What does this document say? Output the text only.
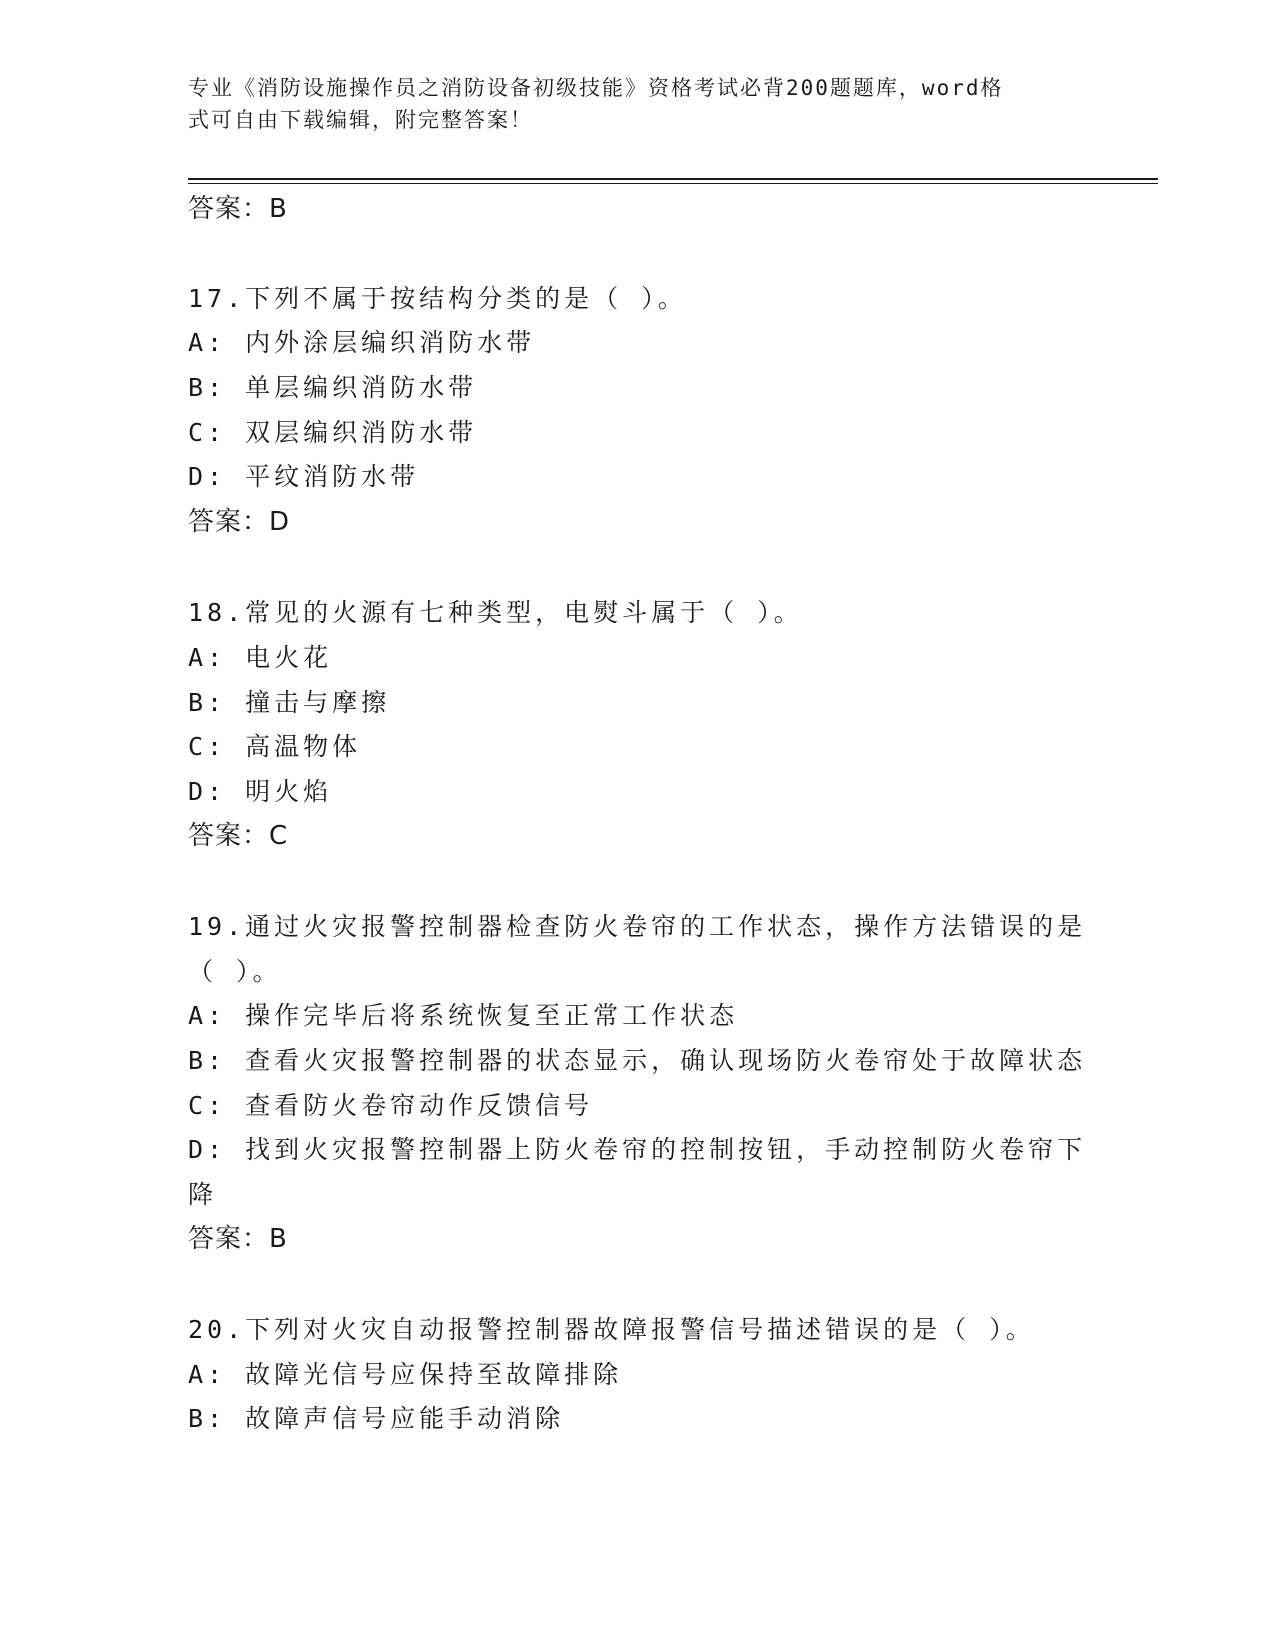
专业《消防设施操作员之消防设备初级技能》资格考试必背200题题库，word格
式可自由下载编辑，附完整答案！
答案：B
17.下列不属于按结构分类的是（ ）。
A: 内外涂层编织消防水带
B: 单层编织消防水带
C: 双层编织消防水带
D: 平纹消防水带
答案：D
18.常见的火源有七种类型，电熨斗属于（ ）。
A: 电火花
B: 撞击与摩擦
C: 高温物体
D: 明火焰
答案：C
19.通过火灾报警控制器检查防火卷帘的工作状态，操作方法错误的是
（ ）。
A: 操作完毕后将系统恢复至正常工作状态
B: 查看火灾报警控制器的状态显示，确认现场防火卷帘处于故障状态
C: 查看防火卷帘动作反馈信号
D: 找到火灾报警控制器上防火卷帘的控制按钮，手动控制防火卷帘下
降
答案：B
20.下列对火灾自动报警控制器故障报警信号描述错误的是（ ）。
A: 故障光信号应保持至故障排除
B: 故障声信号应能手动消除
